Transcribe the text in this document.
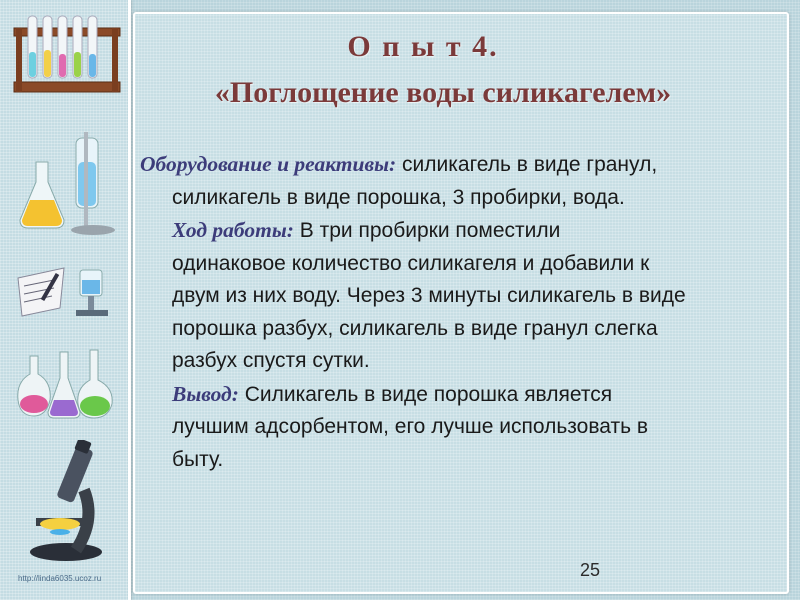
О п ы т 4.
«Поглощение воды силикагелем»
Оборудование и реактивы: силикагель в виде гранул,
силикагель в виде порошка, 3 пробирки, вода.
Ход работы: В три пробирки поместили
одинаковое количество силикагеля и добавили к
двум из них воду. Через 3 минуты силикагель в виде
порошка разбух, силикагель в виде гранул слегка
разбух спустя сутки.
Вывод: Силикагель в виде порошка является
лучшим адсорбентом, его лучше использовать в
быту.
25
http://linda6035.ucoz.ru
